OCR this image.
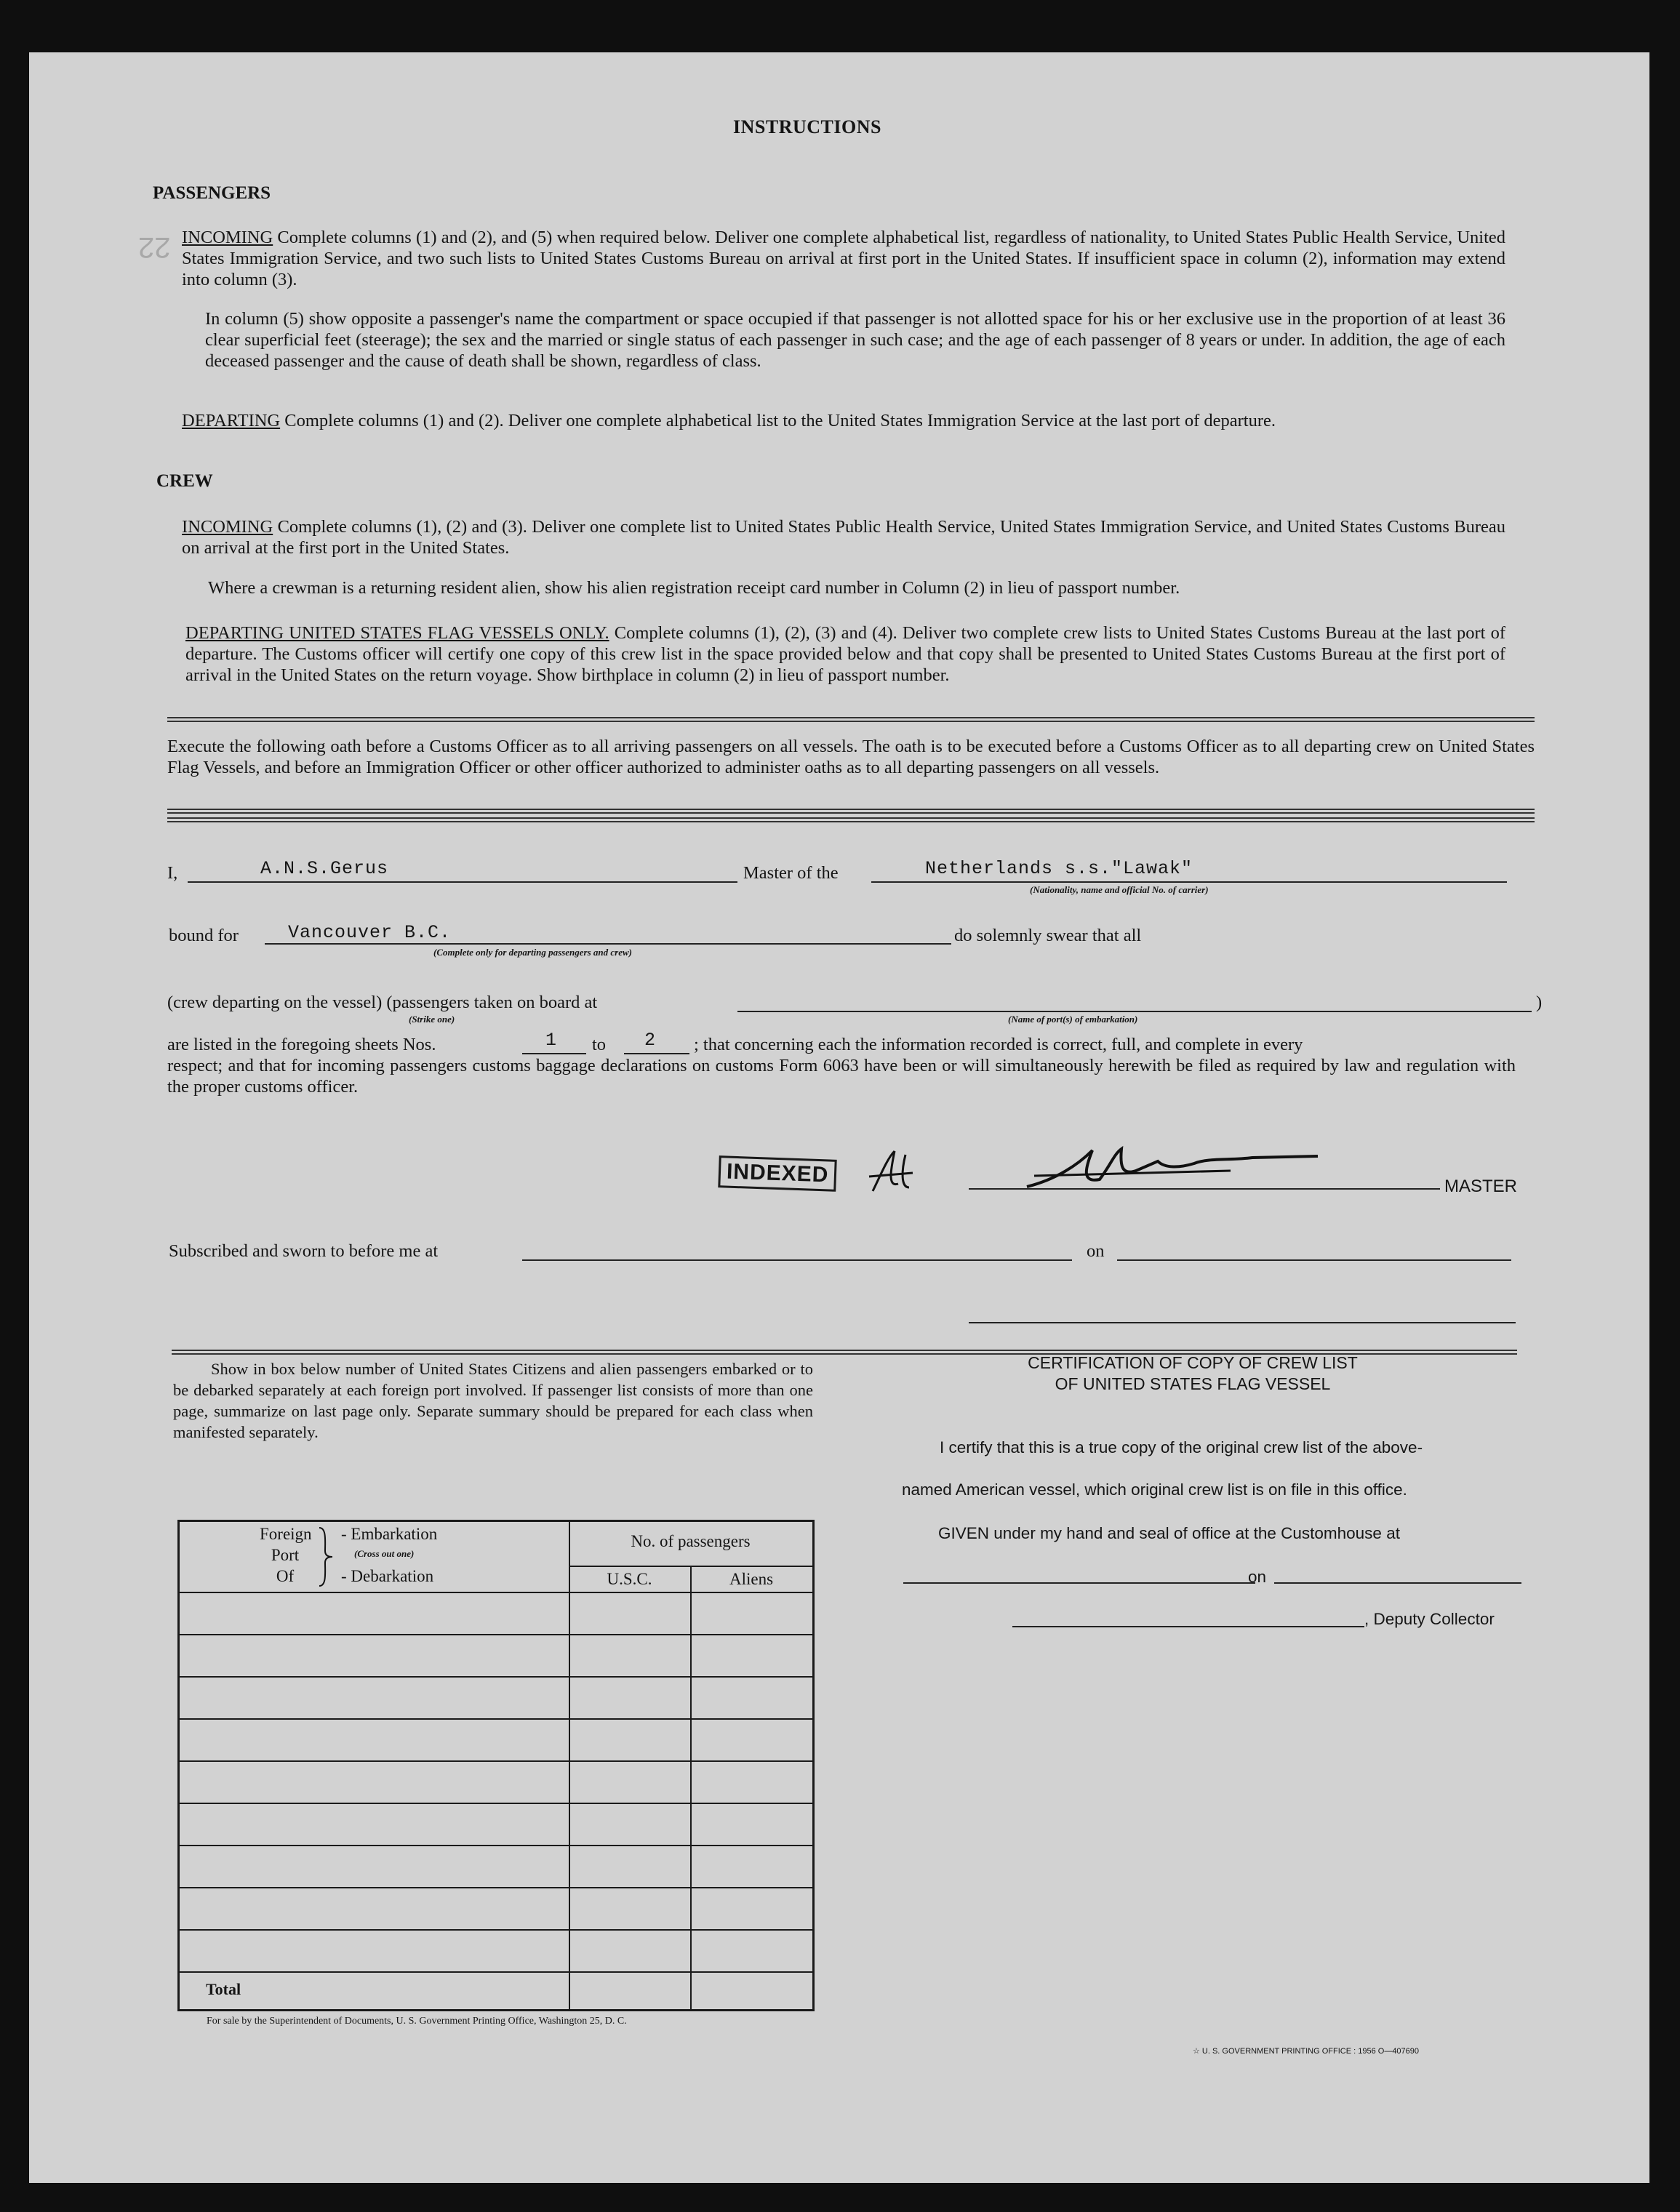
INSTRUCTIONS
22
PASSENGERS
INCOMING Complete columns (1) and (2), and (5) when required below. Deliver one complete alphabetical list, regardless of nationality, to United States Public Health Service, United States Immigration Service, and two such lists to United States Customs Bureau on arrival at first port in the United States. If insufficient space in column (2), information may extend into column (3).
In column (5) show opposite a passenger's name the compartment or space occupied if that passenger is not allotted space for his or her exclusive use in the proportion of at least 36 clear superficial feet (steerage); the sex and the married or single status of each passenger in such case; and the age of each passenger of 8 years or under. In addition, the age of each deceased passenger and the cause of death shall be shown, regardless of class.
DEPARTING Complete columns (1) and (2). Deliver one complete alphabetical list to the United States Immigration Service at the last port of departure.
CREW
INCOMING Complete columns (1), (2) and (3). Deliver one complete list to United States Public Health Service, United States Immigration Service, and United States Customs Bureau on arrival at the first port in the United States.
Where a crewman is a returning resident alien, show his alien registration receipt card number in Column (2) in lieu of passport number.
DEPARTING UNITED STATES FLAG VESSELS ONLY. Complete columns (1), (2), (3) and (4). Deliver two complete crew lists to United States Customs Bureau at the last port of departure. The Customs officer will certify one copy of this crew list in the space provided below and that copy shall be presented to United States Customs Bureau at the first port of arrival in the United States on the return voyage. Show birthplace in column (2) in lieu of passport number.
Execute the following oath before a Customs Officer as to all arriving passengers on all vessels. The oath is to be executed before a Customs Officer as to all departing crew on United States Flag Vessels, and before an Immigration Officer or other officer authorized to administer oaths as to all departing passengers on all vessels.
I,	A.N.S.Gerus	Master of the	Netherlands s.s."Lawak"
(Nationality, name and official No. of carrier)
bound for	Vancouver B.C.
(Complete only for departing passengers and crew)
do solemnly swear that all
(crew departing on the vessel) (passengers taken on board at	)
(Strike one)	(Name of port(s) of embarkation)
are listed in the foregoing sheets Nos.	1 to 2 ; that concerning each the information recorded is correct, full, and complete in every
respect; and that for incoming passengers customs baggage declarations on customs Form 6063 have been or will simultaneously herewith be filed as required by law and regulation with the proper customs officer.
MASTER
INDEXED
Subscribed and sworn to before me at	on
Show in box below number of United States Citizens and alien passengers embarked or to be debarked separately at each foreign port involved. If passenger list consists of more than one page, summarize on last page only. Separate summary should be prepared for each class when manifested separately.
Foreign
Port
Of
- Embarkation
(Cross out one)
- Debarkation
No. of passengers
U.S.C.	Aliens
Total
CERTIFICATION OF COPY OF CREW LIST
OF UNITED STATES FLAG VESSEL
I certify that this is a true copy of the original crew list of the above-
named American vessel, which original crew list is on file in this office.
GIVEN under my hand and seal of office at the Customhouse at
on
, Deputy Collector
For sale by the Superintendent of Documents, U. S. Government Printing Office, Washington 25, D. C.
☆ U. S. GOVERNMENT PRINTING OFFICE : 1956 O—407690
